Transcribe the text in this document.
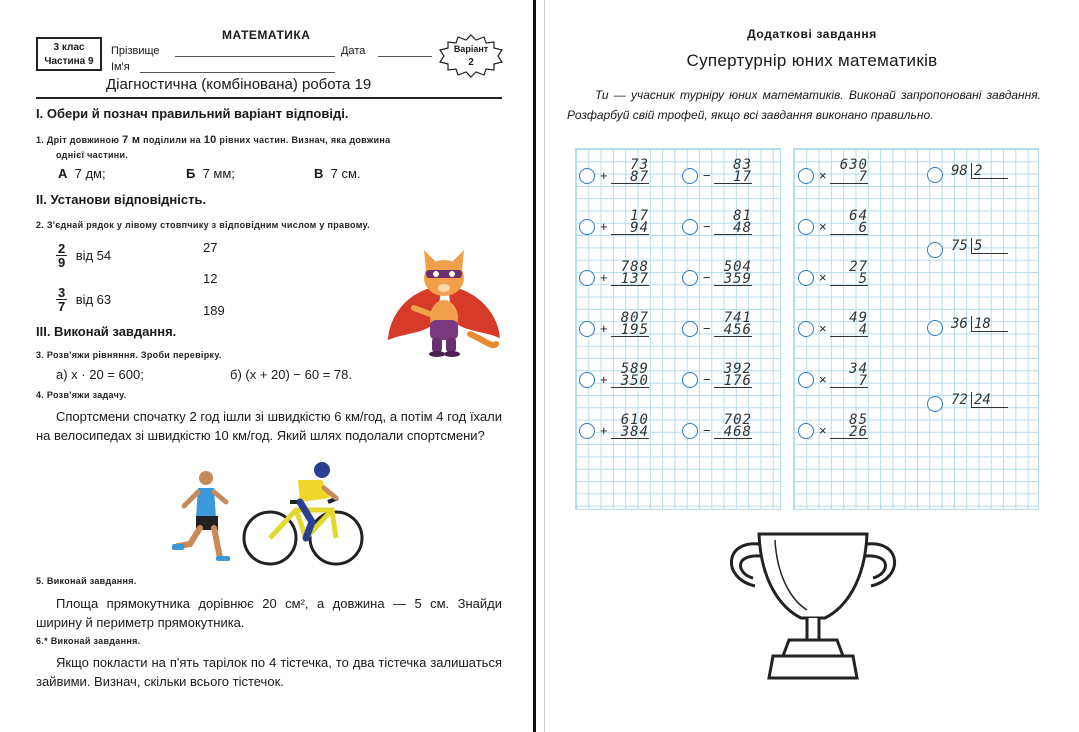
3 клас
Частина 9
МАТЕМАТИКА
Прізвище	Дата
Ім'я
Варіант
2
Діагностична (комбінована) робота 19
I. Обери й познач правильний варіант відповіді.
1. Дріт довжиною 7 м поділили на 10 рівних частин. Визнач, яка довжина
однієї частини.
А 7 дм;	Б 7 мм;	В 7 см.
II. Установи відповідність.
2. З'єднай рядок у лівому стовпчику з відповідним числом у правому.
$\frac{2}{9}$ від 54
$\frac{3}{7}$ від 63
27
12
189
III. Виконай завдання.
3. Розв'яжи рівняння. Зроби перевірку.
а) x · 20 = 600;	б) (x + 20) − 60 = 78.
4. Розв'яжи задачу.
Спортсмени спочатку 2 год ішли зі швидкістю 6 км/год, а потім 4 год їхали на велосипедах зі швидкістю 10 км/год. Який шлях подолали спортсмени?
5. Виконай завдання.
Площа прямокутника дорівнює 20 см², а довжина — 5 см. Знайди ширину й периметр прямокутника.
6.* Виконай завдання.
Якщо покласти на п'ять тарілок по 4 тістечка, то два тістечка залишаться зайвими. Визнач, скільки всього тістечок.
Додаткові завдання
Супертурнір юних математиків
Ти — учасник турніру юних математиків. Виконай запропоновані завдання. Розфарбуй свій трофей, якщо всі завдання виконано правильно.
+
73
87
+
17
94
+
788
137
+
807
195
+
589
350
+
610
384
−
83
17
−
81
48
−
504
359
−
741
456
−
392
176
−
702
468
×
630
7
×
64
6
×
27
5
×
49
4
×
34
7
×
85
26
98 2
75 5
36 18
72 24
